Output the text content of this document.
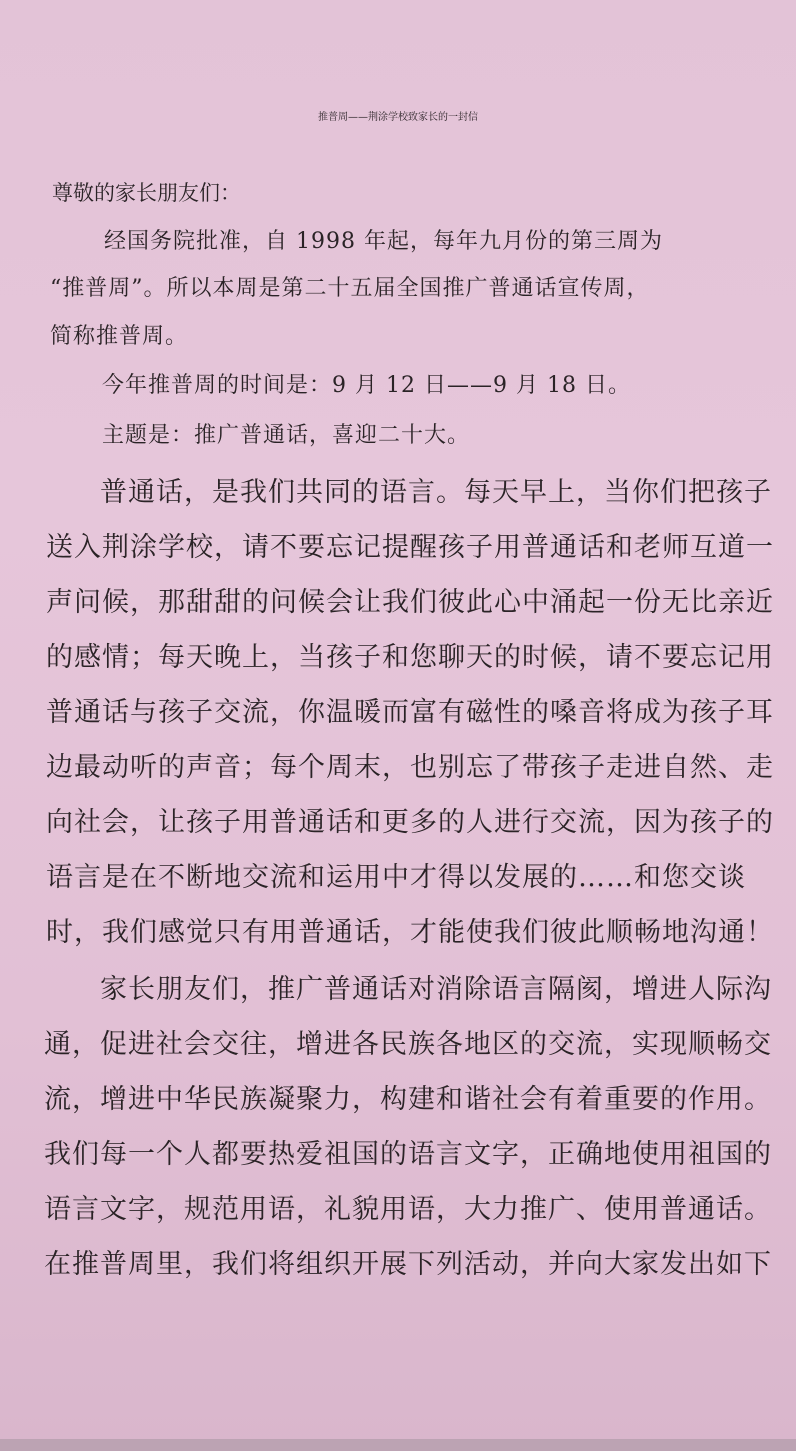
推普周——荆涂学校致家长的一封信
尊敬的家长朋友们：
经国务院批准，自 1998 年起，每年九月份的第三周为
“推普周”。所以本周是第二十五届全国推广普通话宣传周，
简称推普周。
今年推普周的时间是：9 月 12 日——9 月 18 日。
主题是：推广普通话，喜迎二十大。
普通话，是我们共同的语言。每天早上，当你们把孩子
送入荆涂学校，请不要忘记提醒孩子用普通话和老师互道一
声问候，那甜甜的问候会让我们彼此心中涌起一份无比亲近
的感情；每天晚上，当孩子和您聊天的时候，请不要忘记用
普通话与孩子交流，你温暖而富有磁性的嗓音将成为孩子耳
边最动听的声音；每个周末，也别忘了带孩子走进自然、走
向社会，让孩子用普通话和更多的人进行交流，因为孩子的
语言是在不断地交流和运用中才得以发展的……和您交谈
时，我们感觉只有用普通话，才能使我们彼此顺畅地沟通！
家长朋友们，推广普通话对消除语言隔阂，增进人际沟
通，促进社会交往，增进各民族各地区的交流，实现顺畅交
流，增进中华民族凝聚力，构建和谐社会有着重要的作用。
我们每一个人都要热爱祖国的语言文字，正确地使用祖国的
语言文字，规范用语，礼貌用语，大力推广、使用普通话。
在推普周里，我们将组织开展下列活动，并向大家发出如下
